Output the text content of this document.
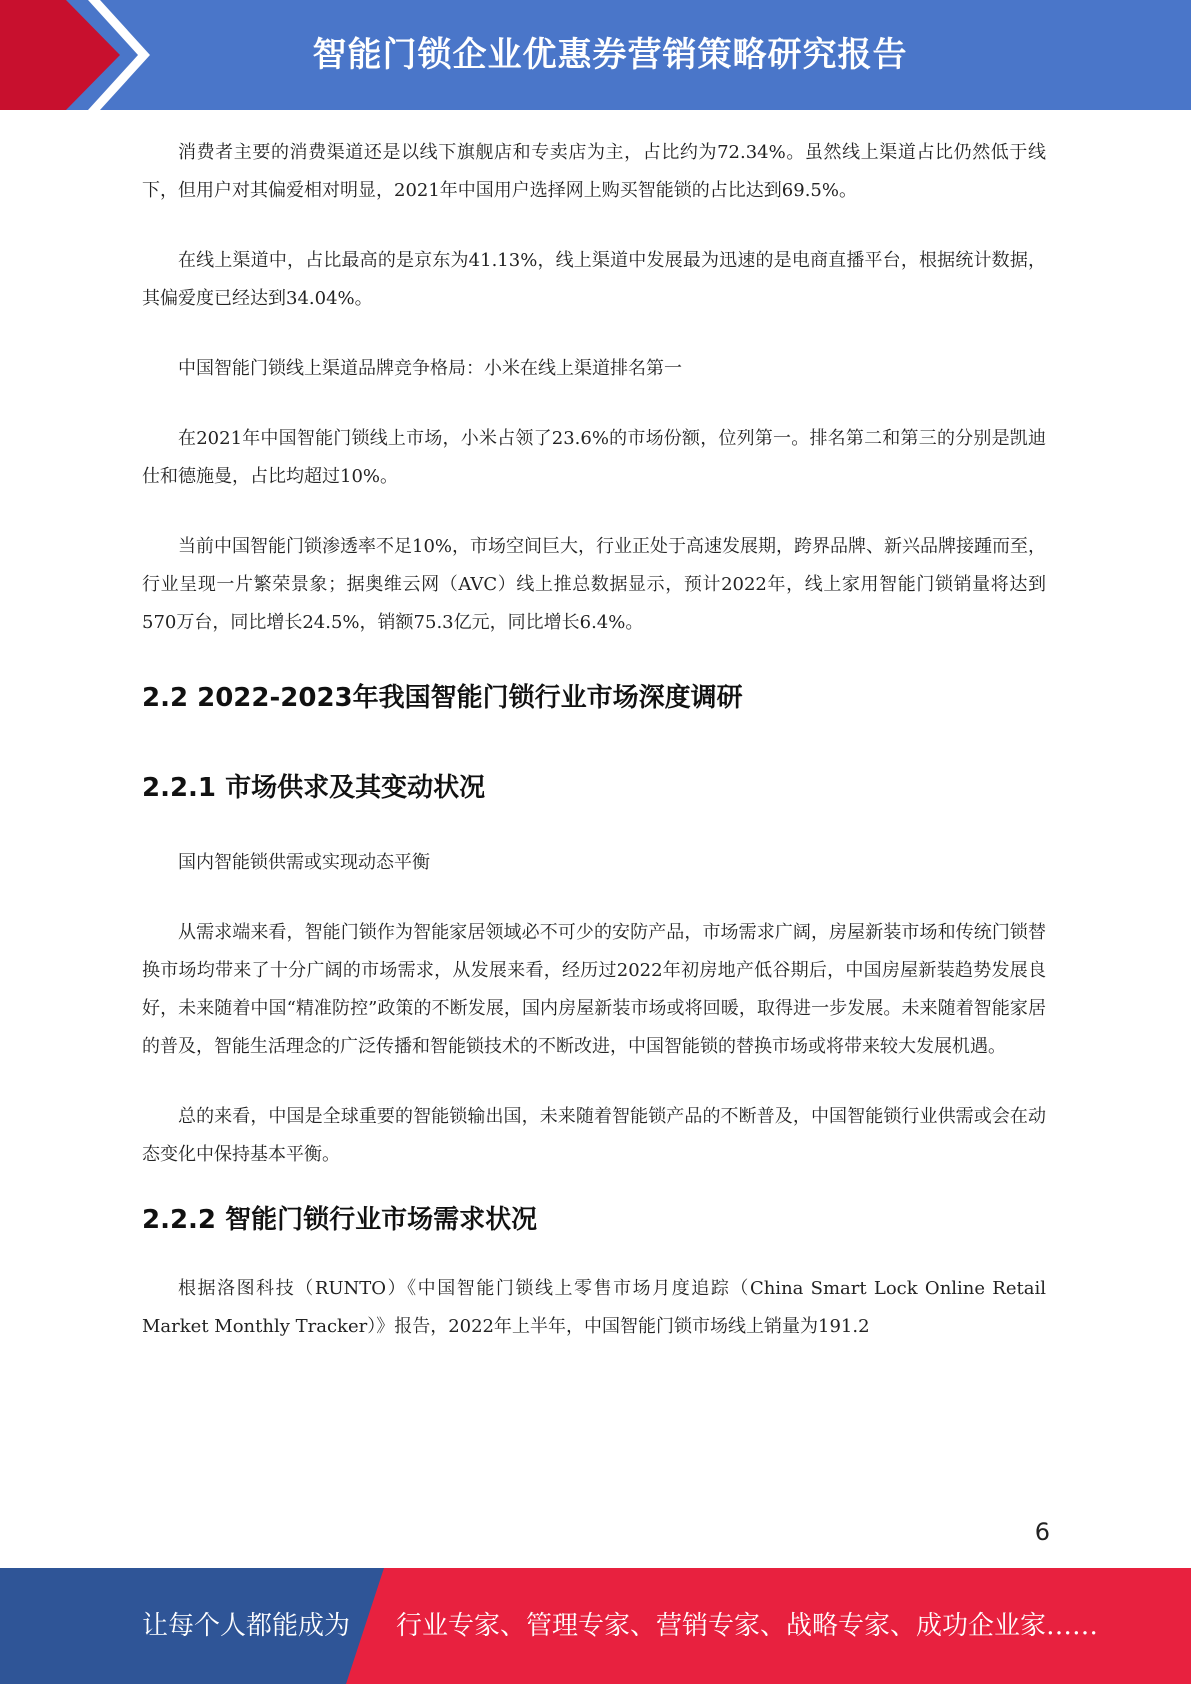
智能门锁企业优惠券营销策略研究报告

消费者主要的消费渠道还是以线下旗舰店和专卖店为主，占比约为72.34%。虽然线上渠道占比仍然低于线下，但用户对其偏爱相对明显，2021年中国用户选择网上购买智能锁的占比达到69.5%。

在线上渠道中，占比最高的是京东为41.13%，线上渠道中发展最为迅速的是电商直播平台，根据统计数据，其偏爱度已经达到34.04%。

中国智能门锁线上渠道品牌竞争格局：小米在线上渠道排名第一

在2021年中国智能门锁线上市场，小米占领了23.6%的市场份额，位列第一。排名第二和第三的分别是凯迪仕和德施曼，占比均超过10%。

当前中国智能门锁渗透率不足10%，市场空间巨大，行业正处于高速发展期，跨界品牌、新兴品牌接踵而至，行业呈现一片繁荣景象；据奥维云网（AVC）线上推总数据显示，预计2022年，线上家用智能门锁销量将达到570万台，同比增长24.5%，销额75.3亿元，同比增长6.4%。

2.2 2022-2023年我国智能门锁行业市场深度调研
2.2.1 市场供求及其变动状况

国内智能锁供需或实现动态平衡

从需求端来看，智能门锁作为智能家居领域必不可少的安防产品，市场需求广阔，房屋新装市场和传统门锁替换市场均带来了十分广阔的市场需求，从发展来看，经历过2022年初房地产低谷期后，中国房屋新装趋势发展良好，未来随着中国“精准防控”政策的不断发展，国内房屋新装市场或将回暖，取得进一步发展。未来随着智能家居的普及，智能生活理念的广泛传播和智能锁技术的不断改进，中国智能锁的替换市场或将带来较大发展机遇。

总的来看，中国是全球重要的智能锁输出国，未来随着智能锁产品的不断普及，中国智能锁行业供需或会在动态变化中保持基本平衡。

2.2.2 智能门锁行业市场需求状况

根据洛图科技（RUNTO）《中国智能门锁线上零售市场月度追踪（China Smart Lock Online Retail Market Monthly Tracker）》报告，2022年上半年，中国智能门锁市场线上销量为191.2

6
让每个人都能成为 行业专家、管理专家、营销专家、战略专家、成功企业家……
